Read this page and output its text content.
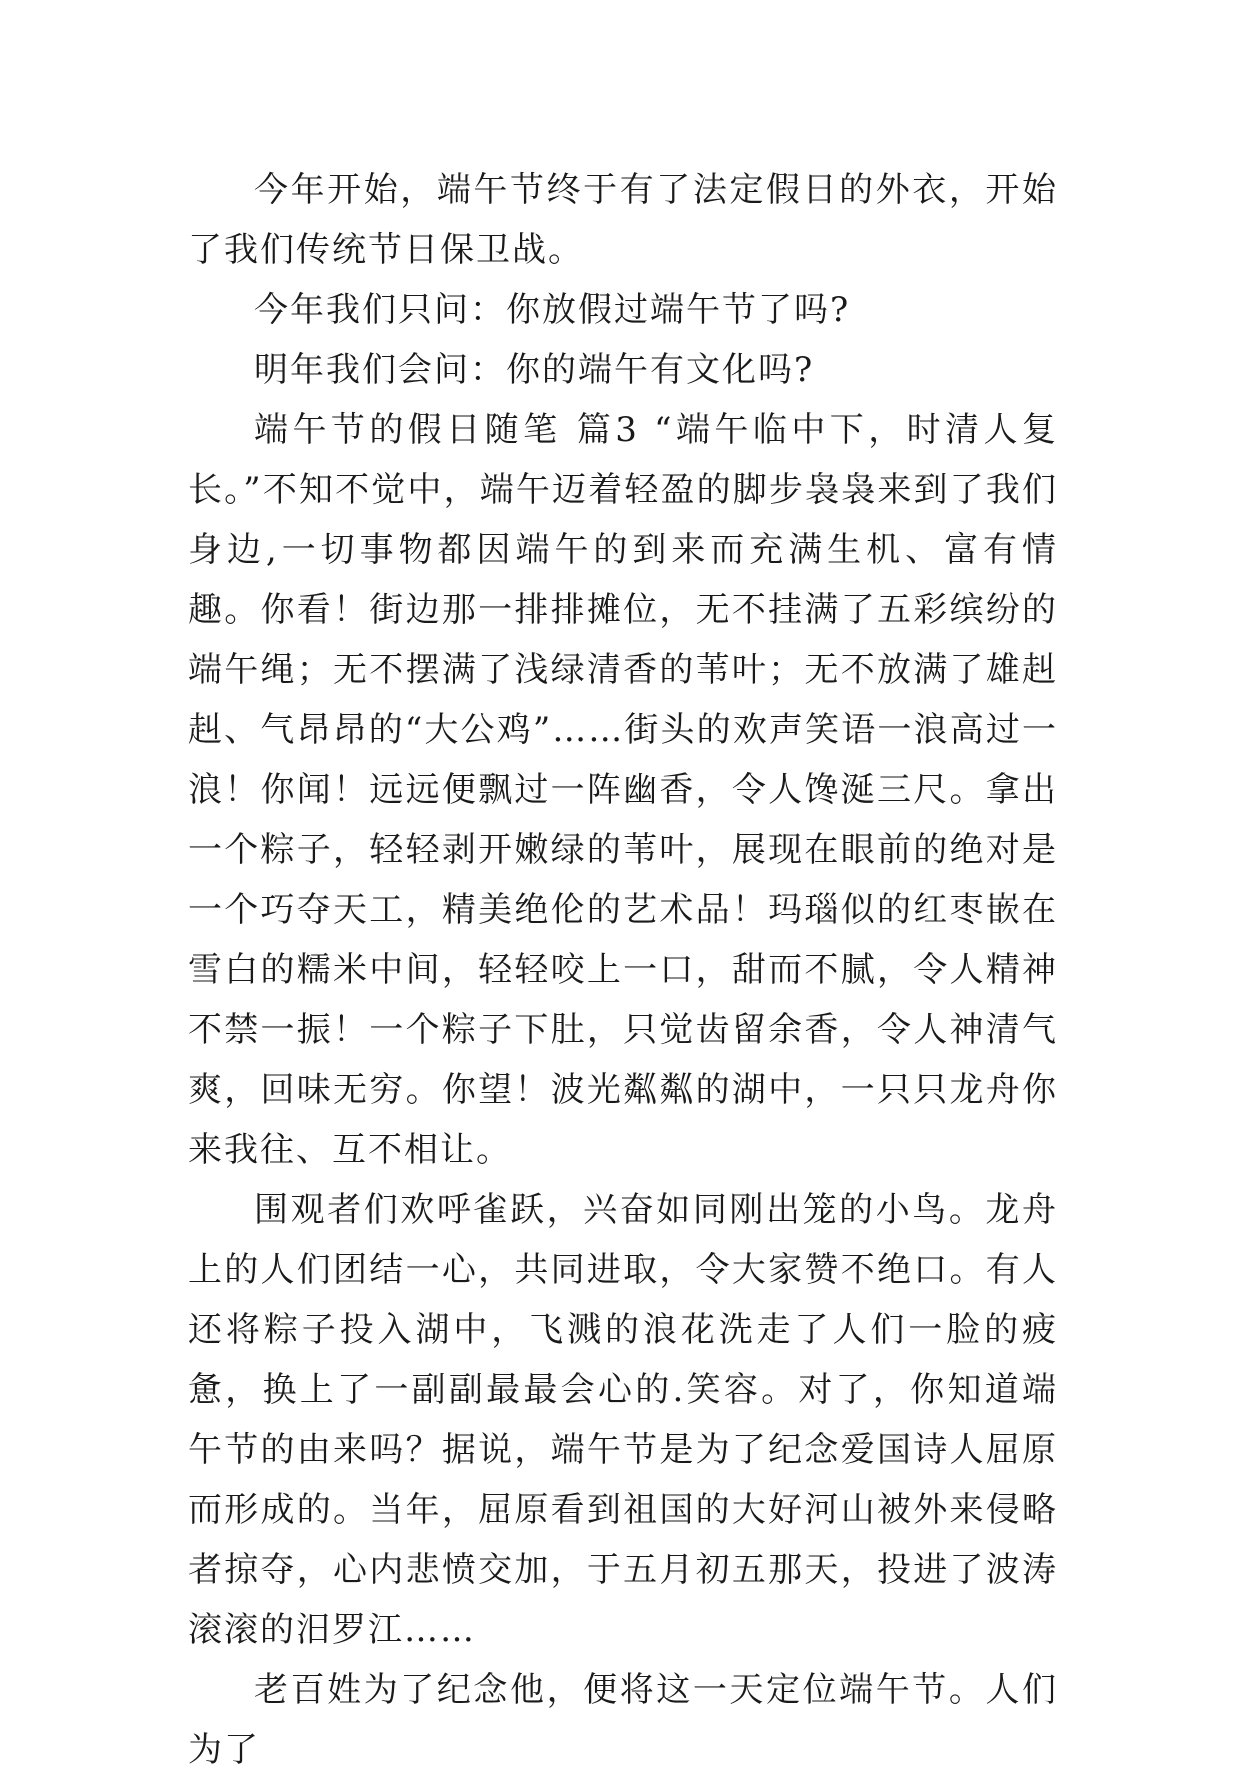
今年开始，端午节终于有了法定假日的外衣，开始了我们传统节日保卫战。

今年我们只问：你放假过端午节了吗?

明年我们会问：你的端午有文化吗?

端午节的假日随笔 篇3 “端午临中下，时清人复长。”不知不觉中，端午迈着轻盈的脚步袅袅来到了我们身边,一切事物都因端午的到来而充满生机、富有情趣。你看！街边那一排排摊位，无不挂满了五彩缤纷的端午绳；无不摆满了浅绿清香的苇叶；无不放满了雄赳赳、气昂昂的“大公鸡”……街头的欢声笑语一浪高过一浪！你闻！远远便飘过一阵幽香，令人馋涎三尺。拿出一个粽子，轻轻剥开嫩绿的苇叶，展现在眼前的绝对是一个巧夺天工，精美绝伦的艺术品！玛瑙似的红枣嵌在雪白的糯米中间，轻轻咬上一口，甜而不腻，令人精神不禁一振！一个粽子下肚，只觉齿留余香，令人神清气爽，回味无穷。你望！波光粼粼的湖中，一只只龙舟你来我往、互不相让。

围观者们欢呼雀跃，兴奋如同刚出笼的小鸟。龙舟上的人们团结一心，共同进取，令大家赞不绝口。有人还将粽子投入湖中，飞溅的浪花洗走了人们一脸的疲惫，换上了一副副最最会心的.笑容。对了，你知道端午节的由来吗？据说，端午节是为了纪念爱国诗人屈原而形成的。当年，屈原看到祖国的大好河山被外来侵略者掠夺，心内悲愤交加，于五月初五那天，投进了波涛滚滚的汨罗江……

老百姓为了纪念他，便将这一天定位端午节。人们为了
